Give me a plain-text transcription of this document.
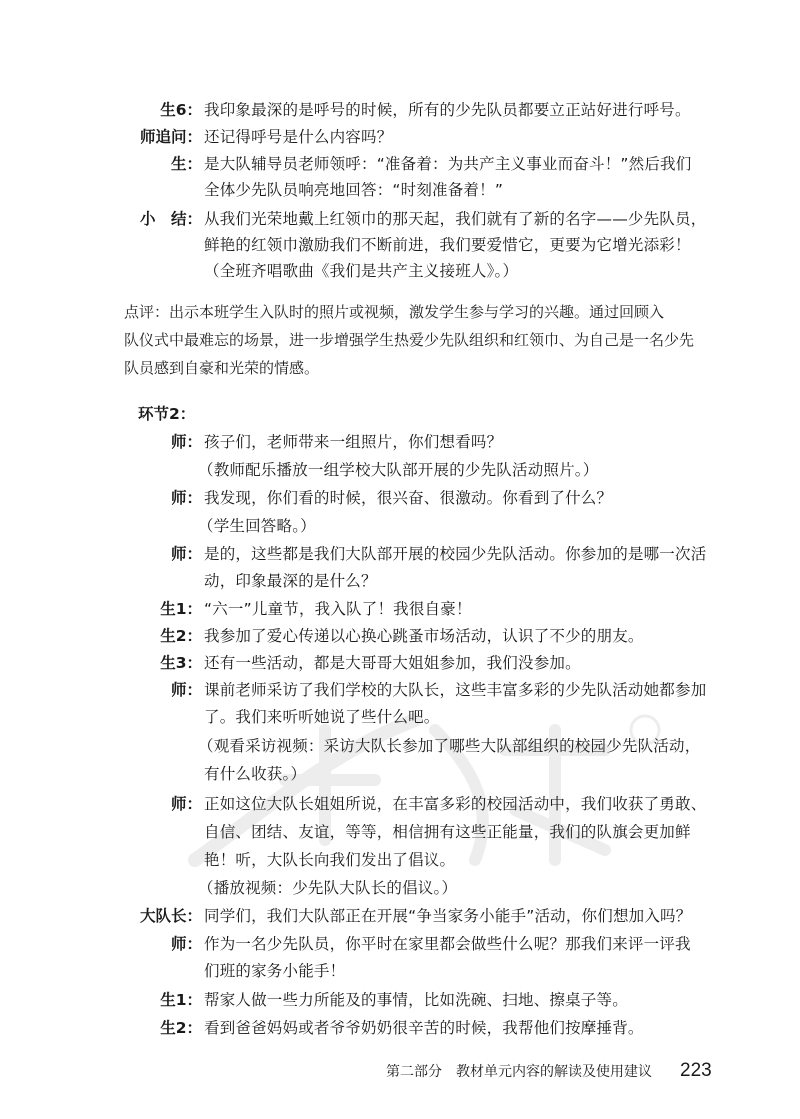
生6： 我印象最深的是呼号的时候，所有的少先队员都要立正站好进行呼号。
师追问： 还记得呼号是什么内容吗？
生： 是大队辅导员老师领呼：“准备着：为共产主义事业而奋斗！”然后我们
全体少先队员响亮地回答：“时刻准备着！”
小　结： 从我们光荣地戴上红领巾的那天起，我们就有了新的名字——少先队员，
鲜艳的红领巾激励我们不断前进，我们要爱惜它，更要为它增光添彩！
（全班齐唱歌曲《我们是共产主义接班人》。）
点评：出示本班学生入队时的照片或视频，激发学生参与学习的兴趣。通过回顾入
队仪式中最难忘的场景，进一步增强学生热爱少先队组织和红领巾、为自己是一名少先
队员感到自豪和光荣的情感。
环节2：
师： 孩子们，老师带来一组照片，你们想看吗？
（教师配乐播放一组学校大队部开展的少先队活动照片。）
师： 我发现，你们看的时候，很兴奋、很激动。你看到了什么？
（学生回答略。）
师： 是的，这些都是我们大队部开展的校园少先队活动。你参加的是哪一次活
动，印象最深的是什么？
生1： “六一”儿童节，我入队了！我很自豪！
生2： 我参加了爱心传递以心换心跳蚤市场活动，认识了不少的朋友。
生3： 还有一些活动，都是大哥哥大姐姐参加，我们没参加。
师： 课前老师采访了我们学校的大队长，这些丰富多彩的少先队活动她都参加
了。我们来听听她说了些什么吧。
（观看采访视频：采访大队长参加了哪些大队部组织的校园少先队活动，
有什么收获。）
师： 正如这位大队长姐姐所说，在丰富多彩的校园活动中，我们收获了勇敢、
自信、团结、友谊，等等，相信拥有这些正能量，我们的队旗会更加鲜
艳！听，大队长向我们发出了倡议。
（播放视频：少先队大队长的倡议。）
大队长： 同学们，我们大队部正在开展“争当家务小能手”活动，你们想加入吗？
师： 作为一名少先队员，你平时在家里都会做些什么呢？那我们来评一评我
们班的家务小能手！
生1： 帮家人做一些力所能及的事情，比如洗碗、扫地、擦桌子等。
生2： 看到爸爸妈妈或者爷爷奶奶很辛苦的时候，我帮他们按摩捶背。
第二部分　教材单元内容的解读及使用建议 223
